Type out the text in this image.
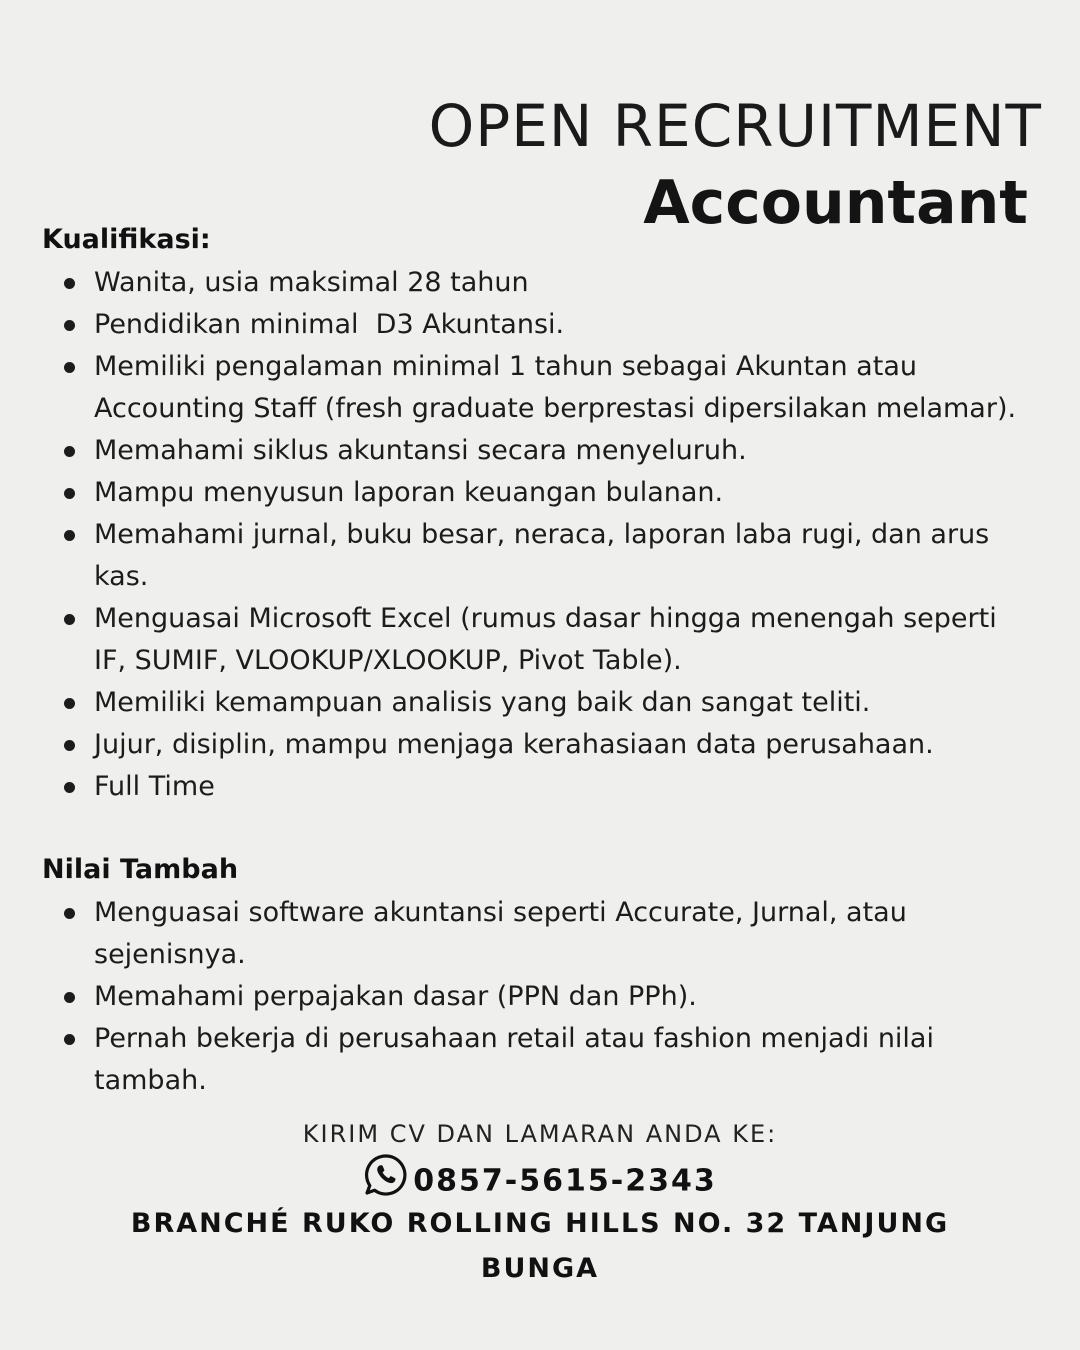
OPEN RECRUITMENT
Accountant
Kualifikasi:
Wanita, usia maksimal 28 tahun
Pendidikan minimal  D3 Akuntansi.
Memiliki pengalaman minimal 1 tahun sebagai Akuntan atau
Accounting Staff (fresh graduate berprestasi dipersilakan melamar).
Memahami siklus akuntansi secara menyeluruh.
Mampu menyusun laporan keuangan bulanan.
Memahami jurnal, buku besar, neraca, laporan laba rugi, dan arus
kas.
Menguasai Microsoft Excel (rumus dasar hingga menengah seperti
IF, SUMIF, VLOOKUP/XLOOKUP, Pivot Table).
Memiliki kemampuan analisis yang baik dan sangat teliti.
Jujur, disiplin, mampu menjaga kerahasiaan data perusahaan.
Full Time
Nilai Tambah
Menguasai software akuntansi seperti Accurate, Jurnal, atau
sejenisnya.
Memahami perpajakan dasar (PPN dan PPh).
Pernah bekerja di perusahaan retail atau fashion menjadi nilai
tambah.

KIRIM CV DAN LAMARAN ANDA KE:

0857-5615-2343

BRANCHÉ RUKO ROLLING HILLS NO. 32 TANJUNG
BUNGA
